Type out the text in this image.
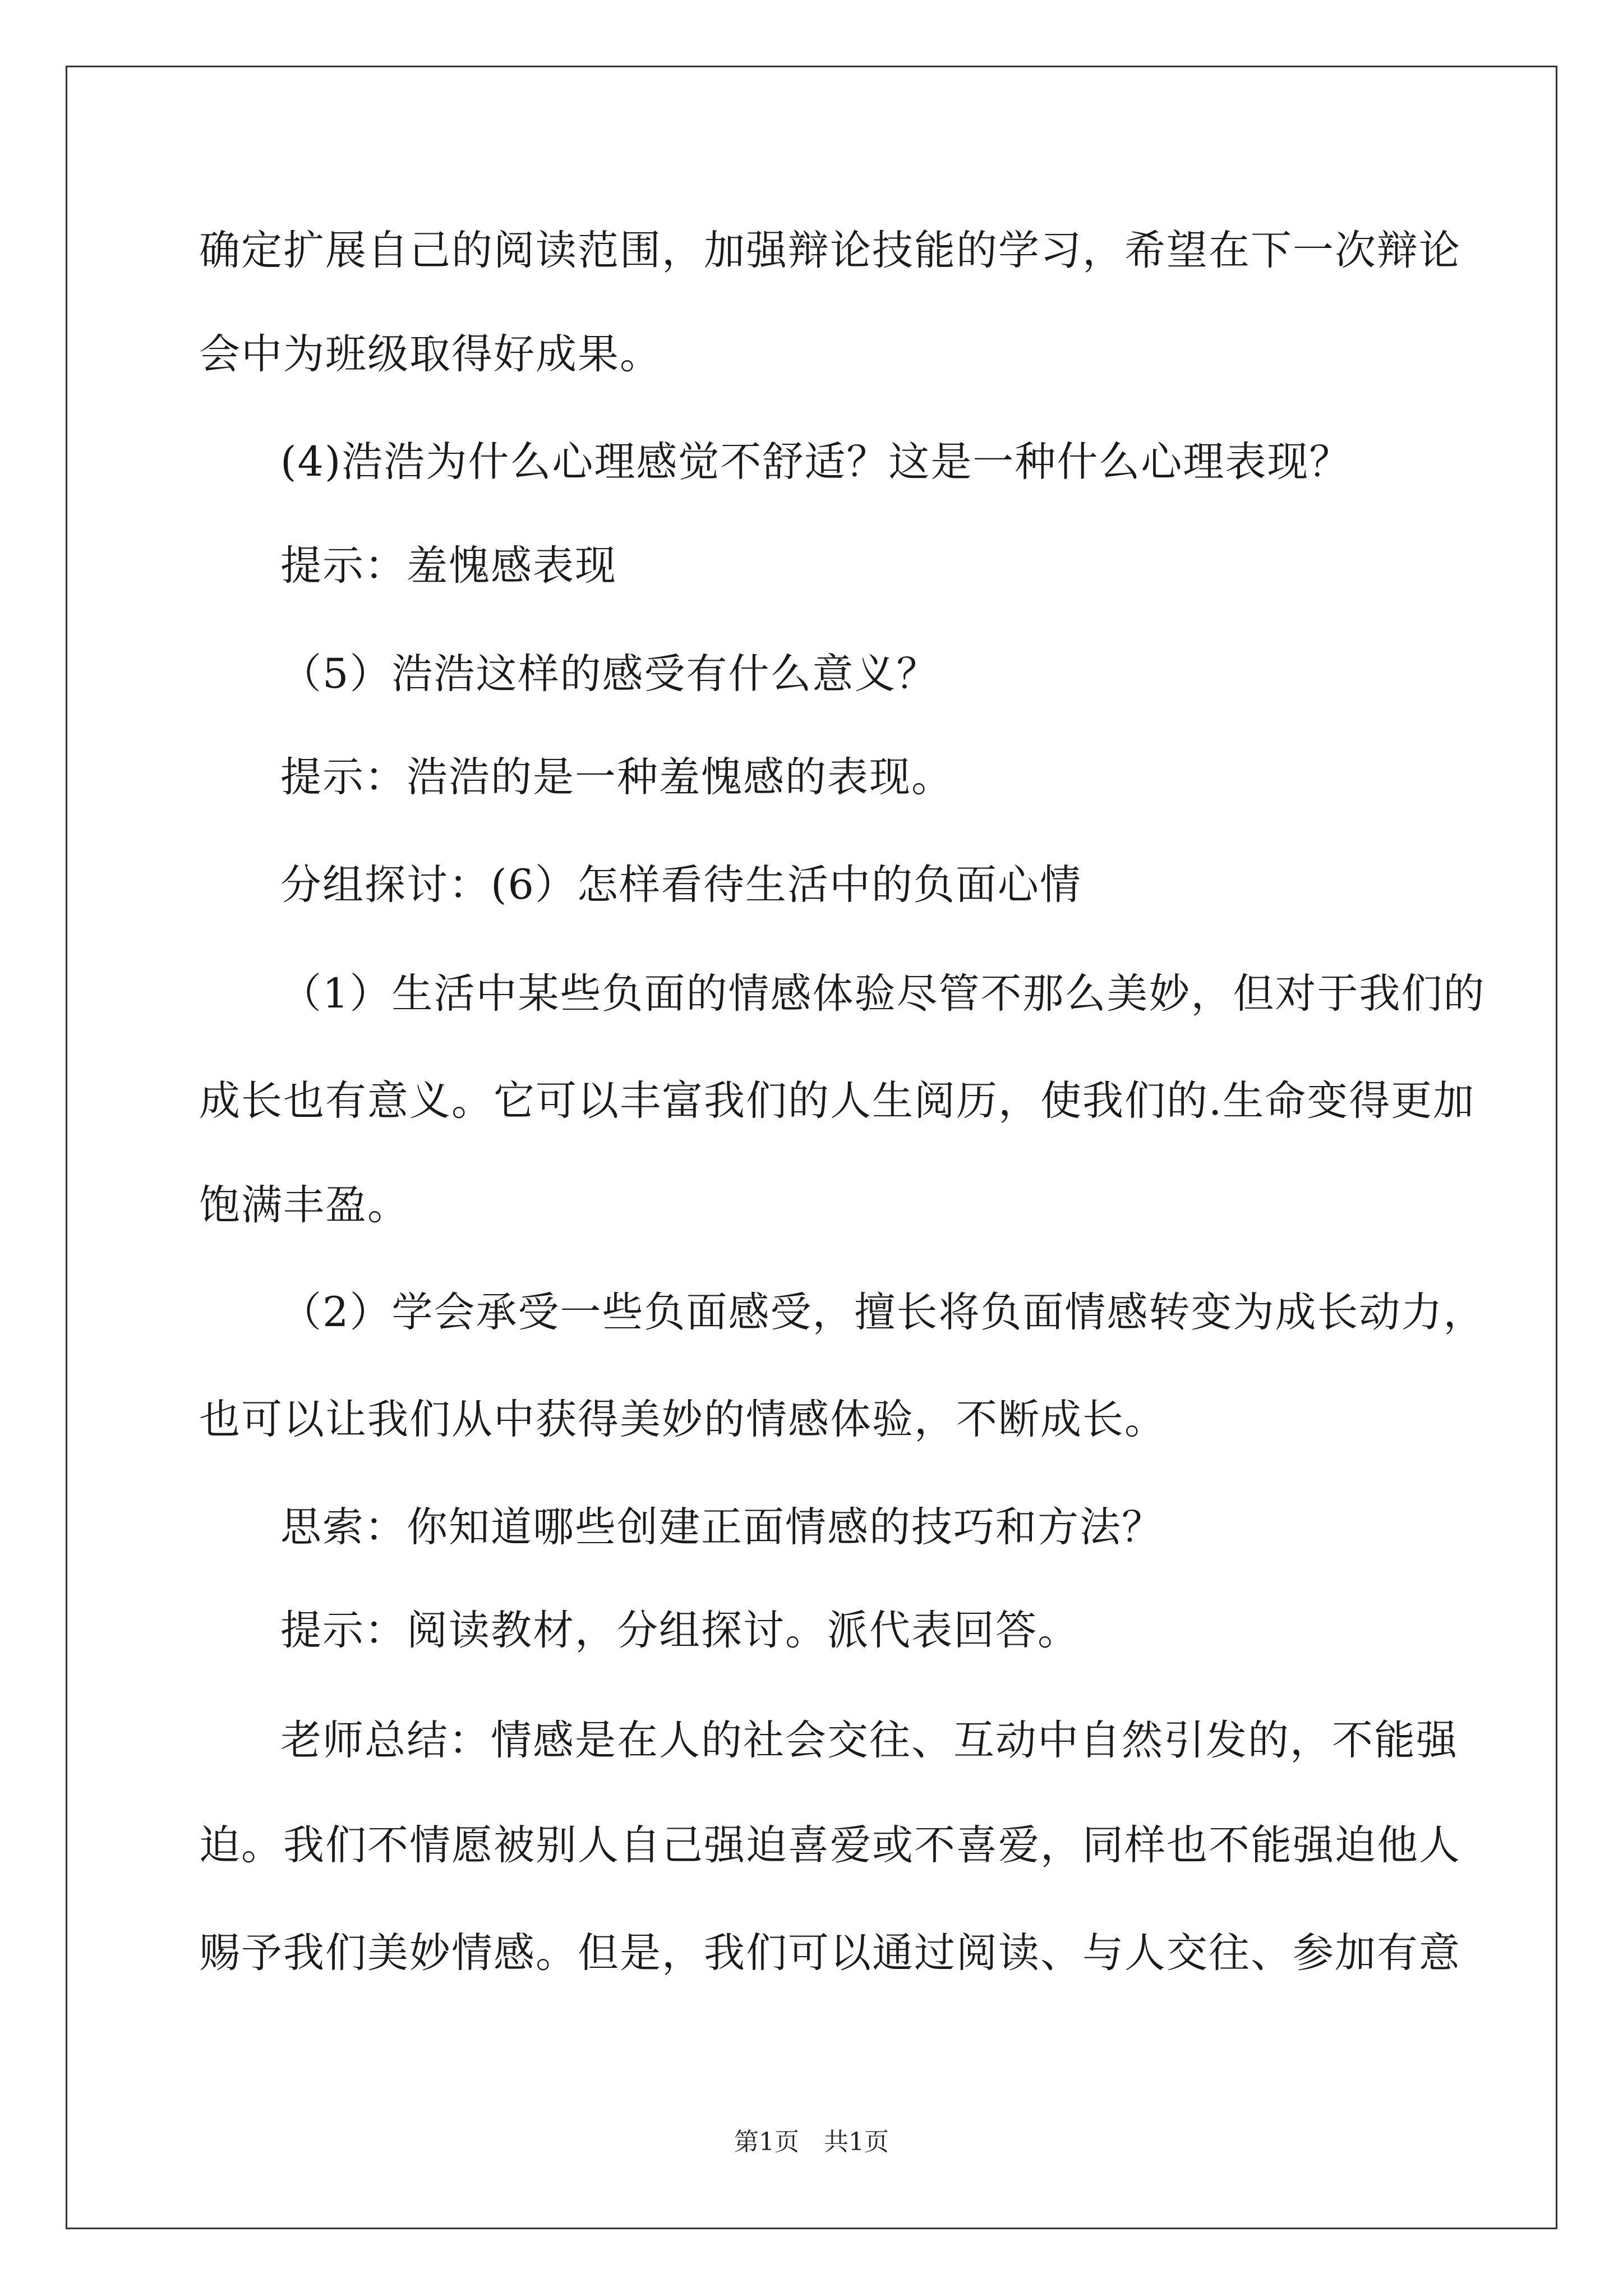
确定扩展自己的阅读范围，加强辩论技能的学习，希望在下一次辩论
会中为班级取得好成果。
(4)浩浩为什么心理感觉不舒适？这是一种什么心理表现？
提示：羞愧感表现
（5）浩浩这样的感受有什么意义？
提示：浩浩的是一种羞愧感的表现。
分组探讨：(6）怎样看待生活中的负面心情
（1）生活中某些负面的情感体验尽管不那么美妙，但对于我们的
成长也有意义。它可以丰富我们的人生阅历，使我们的.生命变得更加
饱满丰盈。
（2）学会承受一些负面感受，擅长将负面情感转变为成长动力，
也可以让我们从中获得美妙的情感体验，不断成长。
思索：你知道哪些创建正面情感的技巧和方法？
提示：阅读教材，分组探讨。派代表回答。
老师总结：情感是在人的社会交往、互动中自然引发的，不能强
迫。我们不情愿被别人自己强迫喜爱或不喜爱，同样也不能强迫他人
赐予我们美妙情感。但是，我们可以通过阅读、与人交往、参加有意
第1页　共1页
